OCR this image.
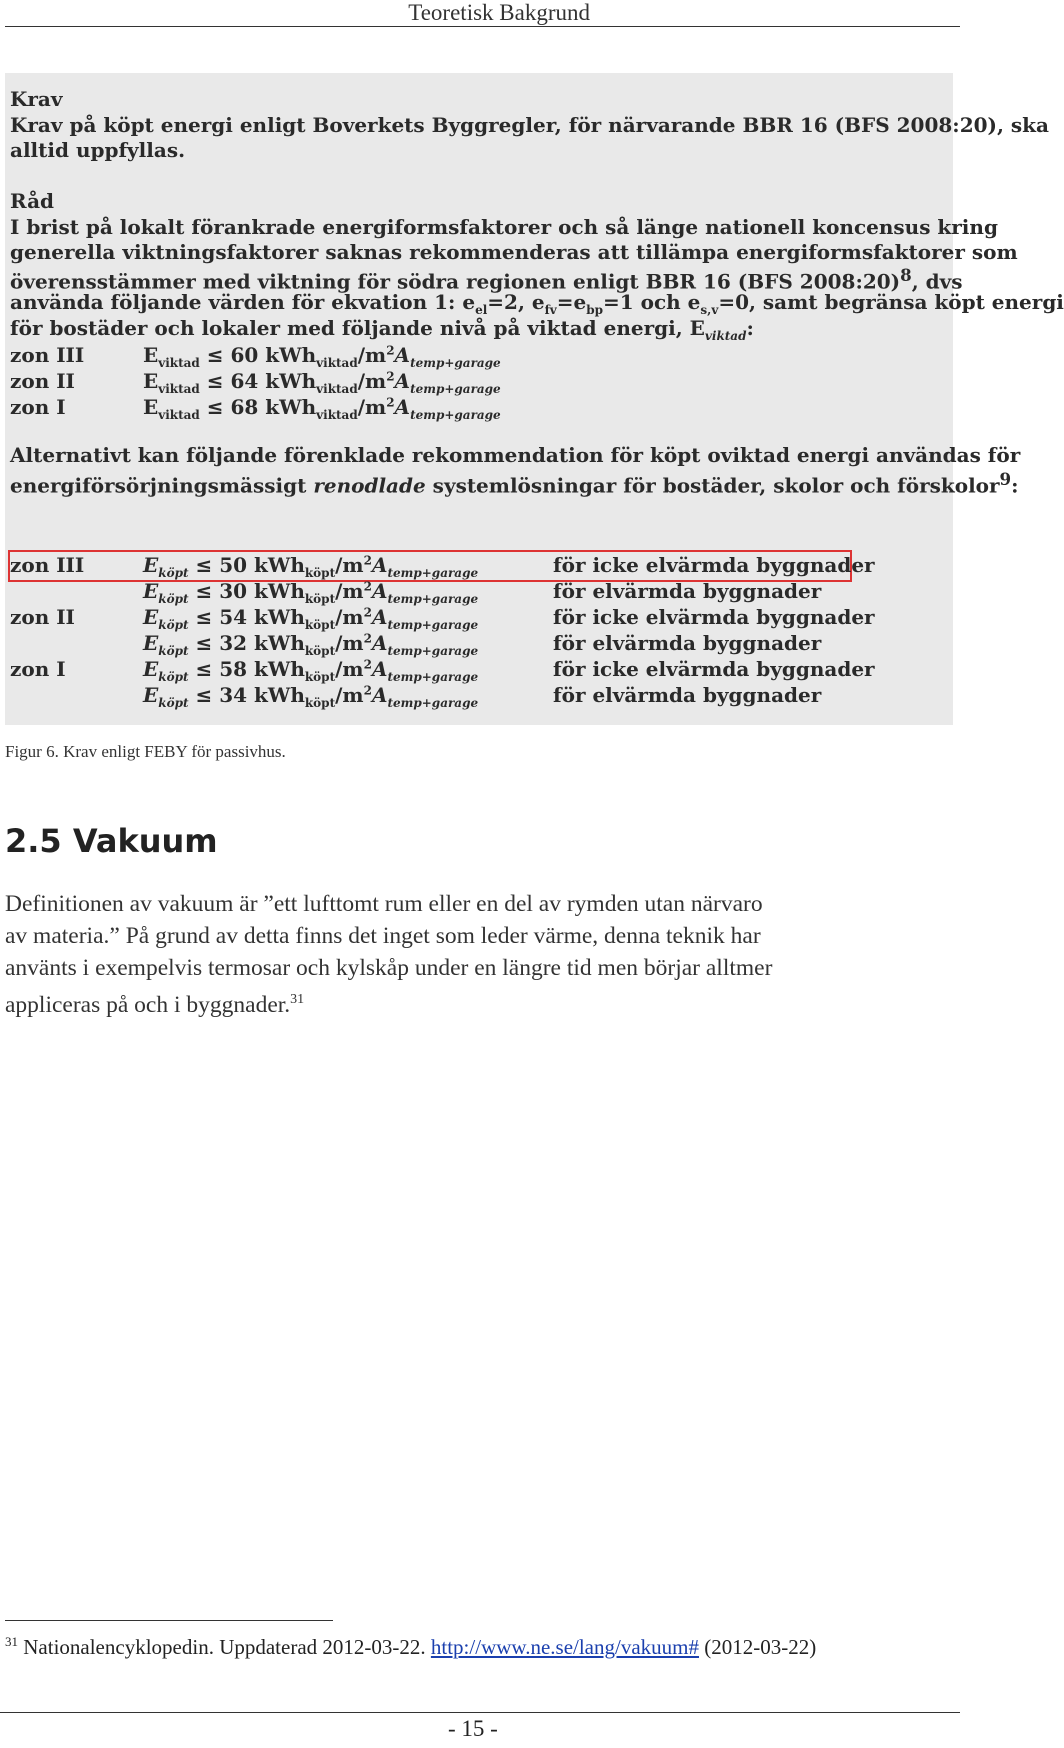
Teoretisk Bakgrund
Krav
Krav på köpt energi enligt Boverkets Byggregler, för närvarande BBR 16 (BFS 2008:20), ska
alltid uppfyllas.
Råd
I brist på lokalt förankrade energiformsfaktorer och så länge nationell koncensus kring
generella viktningsfaktorer saknas rekommenderas att tillämpa energiformsfaktorer som
överensstämmer med viktning för södra regionen enligt BBR 16 (BFS 2008:20)$^8$, dvs
använda följande värden för ekvation 1: $e_{el}=2$, $e_{fv}=e_{bp}=1$ och $e_{s,v}=0$, samt begränsa köpt energi
för bostäder och lokaler med följande nivå på viktad energi, $E_{viktad}$:
zon III	$E_{viktad} \le 60$ $kWh_{viktad}/m^2A_{temp+garage}$
zon II	$E_{viktad} \le 64$ $kWh_{viktad}/m^2A_{temp+garage}$
zon I	$E_{viktad} \le 68$ $kWh_{viktad}/m^2A_{temp+garage}$
Alternativt kan följande förenklade rekommendation för köpt oviktad energi användas för
energiförsörjningsmässigt renodlade systemlösningar för bostäder, skolor och förskolor$^9$:
zon III	$E_{köpt} \le 50$ $kWh_{köpt}/m^2A_{temp+garage}$	för icke elvärmda byggnader
$E_{köpt} \le 30$ $kWh_{köpt}/m^2A_{temp+garage}$	för elvärmda byggnader
zon II	$E_{köpt} \le 54$ $kWh_{köpt}/m^2A_{temp+garage}$	för icke elvärmda byggnader
$E_{köpt} \le 32$ $kWh_{köpt}/m^2A_{temp+garage}$	för elvärmda byggnader
zon I	$E_{köpt} \le 58$ $kWh_{köpt}/m^2A_{temp+garage}$	för icke elvärmda byggnader
$E_{köpt} \le 34$ $kWh_{köpt}/m^2A_{temp+garage}$	för elvärmda byggnader
Figur 6. Krav enligt FEBY för passivhus.
2.5 Vakuum
Definitionen av vakuum är ”ett lufttomt rum eller en del av rymden utan närvaro
av materia.” På grund av detta finns det inget som leder värme, denna teknik har
använts i exempelvis termosar och kylskåp under en längre tid men börjar alltmer
appliceras på och i byggnader.$^{31}$
$^{31}$ Nationalencyklopedin. Uppdaterad 2012-03-22. http://www.ne.se/lang/vakuum# (2012-03-22)
- 15 -
